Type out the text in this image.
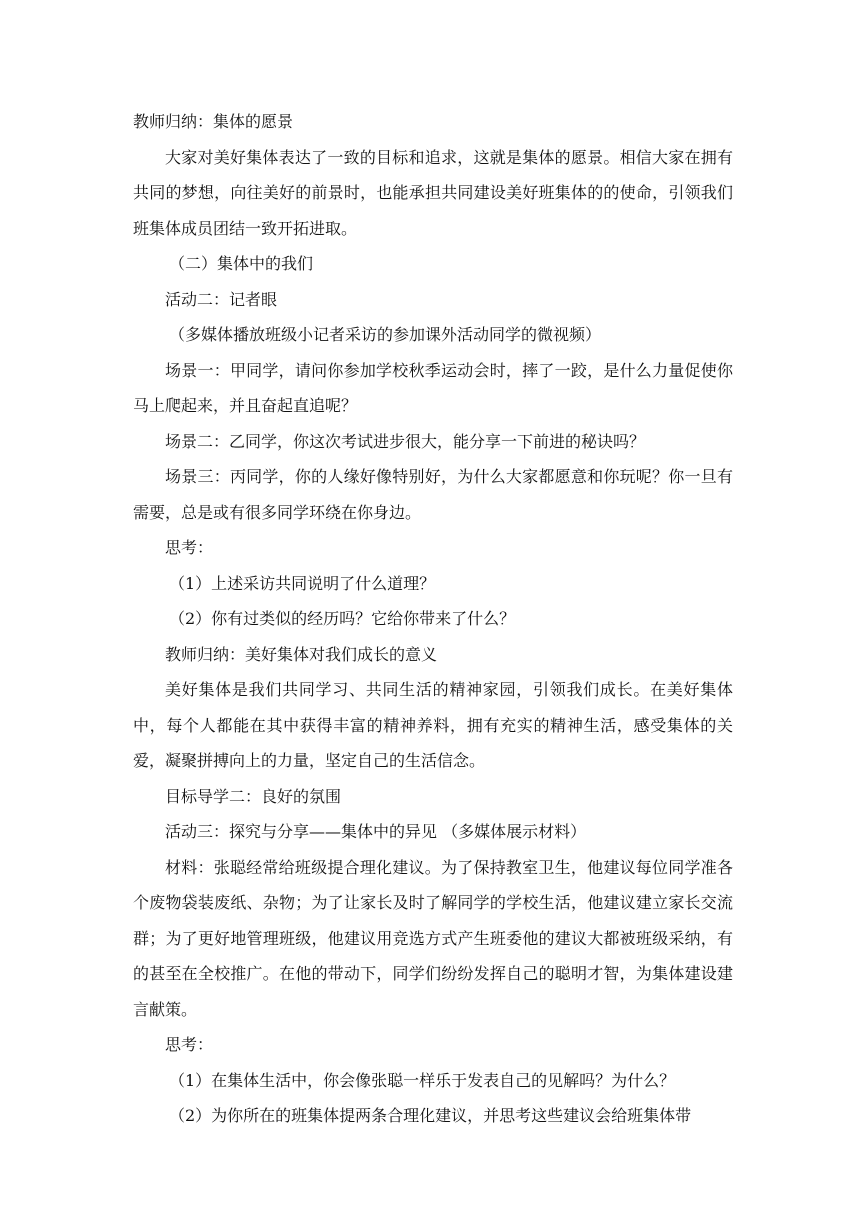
教师归纳：集体的愿景

大家对美好集体表达了一致的目标和追求，这就是集体的愿景。相信大家在拥有共同的梦想，向往美好的前景时，也能承担共同建设美好班集体的的使命，引领我们班集体成员团结一致开拓进取。

（二）集体中的我们

活动二：记者眼

（多媒体播放班级小记者采访的参加课外活动同学的微视频）

场景一：甲同学，请问你参加学校秋季运动会时，摔了一跤，是什么力量促使你马上爬起来，并且奋起直追呢？

场景二：乙同学，你这次考试进步很大，能分享一下前进的秘诀吗？

场景三：丙同学，你的人缘好像特别好，为什么大家都愿意和你玩呢？你一旦有需要，总是或有很多同学环绕在你身边。

思考：

（1）上述采访共同说明了什么道理？

（2）你有过类似的经历吗？它给你带来了什么？

教师归纳：美好集体对我们成长的意义

美好集体是我们共同学习、共同生活的精神家园，引领我们成长。在美好集体中，每个人都能在其中获得丰富的精神养料，拥有充实的精神生活，感受集体的关爱，凝聚拼搏向上的力量，坚定自己的生活信念。

目标导学二：良好的氛围

活动三：探究与分享——集体中的异见 （多媒体展示材料）

材料：张聪经常给班级提合理化建议。为了保持教室卫生，他建议每位同学准各个废物袋装废纸、杂物；为了让家长及时了解同学的学校生活，他建议建立家长交流群；为了更好地管理班级，他建议用竞选方式产生班委他的建议大都被班级采纳，有的甚至在全校推广。在他的带动下，同学们纷纷发挥自己的聪明才智，为集体建设建言献策。

思考：

（1）在集体生活中，你会像张聪一样乐于发表自己的见解吗？为什么？

（2）为你所在的班集体提两条合理化建议，并思考这些建议会给班集体带
